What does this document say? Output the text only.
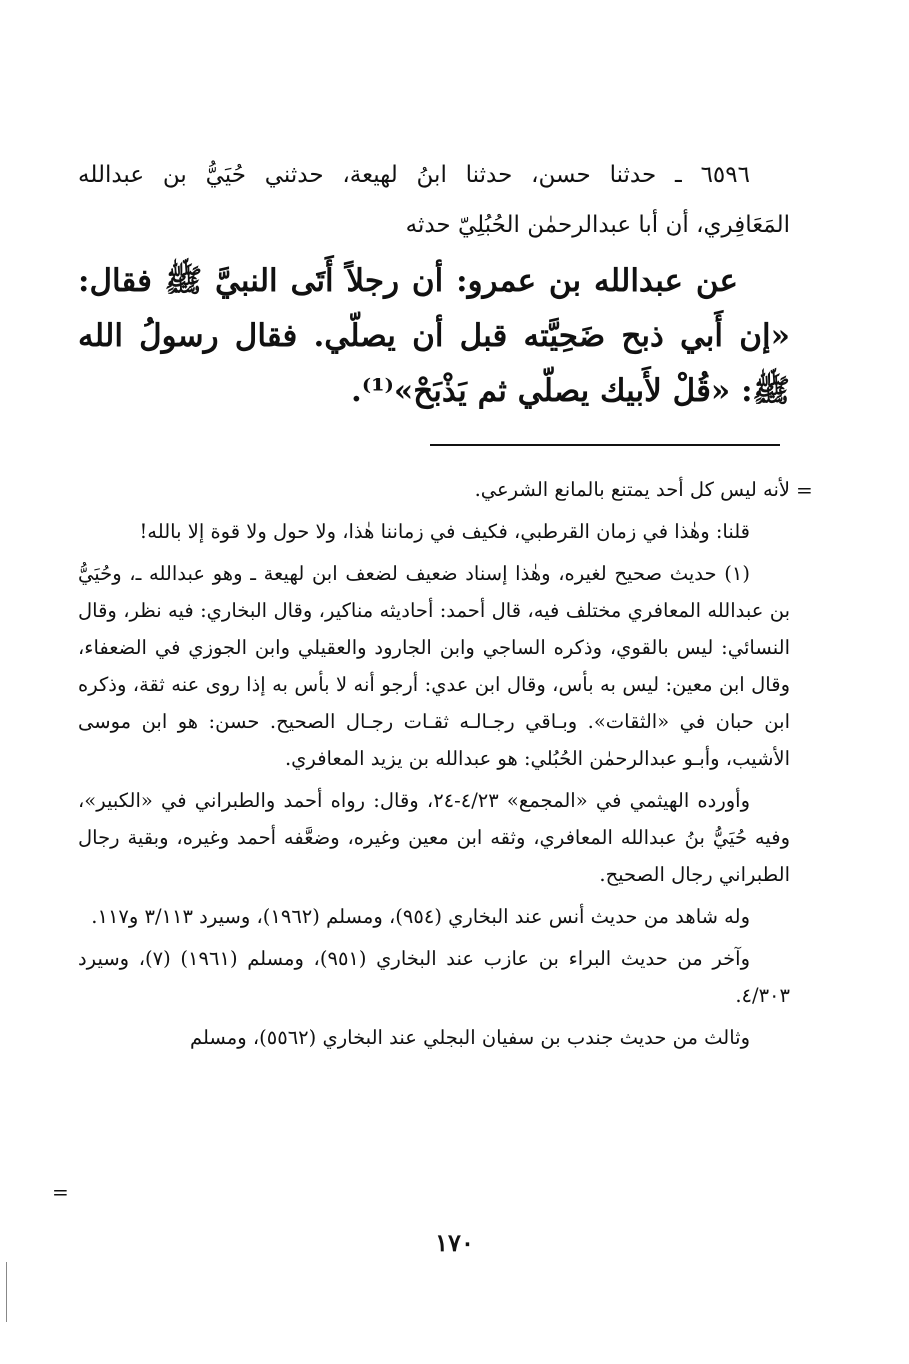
٦٥٩٦ ـ حدثنا حسن، حدثنا ابنُ لهيعة، حدثني حُيَيُّ بن عبدالله

المَعَافِري، أن أبا عبدالرحمٰن الحُبُلِيّ حدثه

عن عبدالله بن عمرو: أن رجلاً أَتَى النبيَّ ﷺ فقال: «إن أَبي ذبح ضَحِيَّته قبل أن يصلّي. فقال رسولُ الله ﷺ: «قُلْ لأَبيك يصلّي ثم يَذْبَحْ»⁽¹⁾.

=

لأنه ليس كل أحد يمتنع بالمانع الشرعي.

قلنا: وهٰذا في زمان القرطبي، فكيف في زماننا هٰذا، ولا حول ولا قوة إلا بالله!

(١) حديث صحيح لغيره، وهٰذا إسناد ضعيف لضعف ابن لهيعة ـ وهو عبدالله ـ، وحُيَيُّ بن عبدالله المعافري مختلف فيه، قال أحمد: أحاديثه مناكير، وقال البخاري: فيه نظر، وقال النسائي: ليس بالقوي، وذكره الساجي وابن الجارود والعقيلي وابن الجوزي في الضعفاء، وقال ابن معين: ليس به بأس، وقال ابن عدي: أرجو أنه لا بأس به إذا روى عنه ثقة، وذكره ابن حبان في «الثقات». وبـاقي رجـالـه ثقـات رجـال الصحيح. حسن: هو ابن موسى الأشيب، وأبـو عبدالرحمٰن الحُبُلي: هو عبدالله بن يزيد المعافري.

وأورده الهيثمي في «المجمع» ٤/٢٣-٢٤، وقال: رواه أحمد والطبراني في «الكبير»، وفيه حُيَيُّ بنُ عبدالله المعافري، وثقه ابن معين وغيره، وضعَّفه أحمد وغيره، وبقية رجال الطبراني رجال الصحيح.

وله شاهد من حديث أنس عند البخاري (٩٥٤)، ومسلم (١٩٦٢)، وسيرد ٣/١١٣ و١١٧.

وآخر من حديث البراء بن عازب عند البخاري (٩٥١)، ومسلم (١٩٦١) (٧)، وسيرد ٤/٣٠٣.

وثالث من حديث جندب بن سفيان البجلي عند البخاري (٥٥٦٢)، ومسلم

=
١٧٠
